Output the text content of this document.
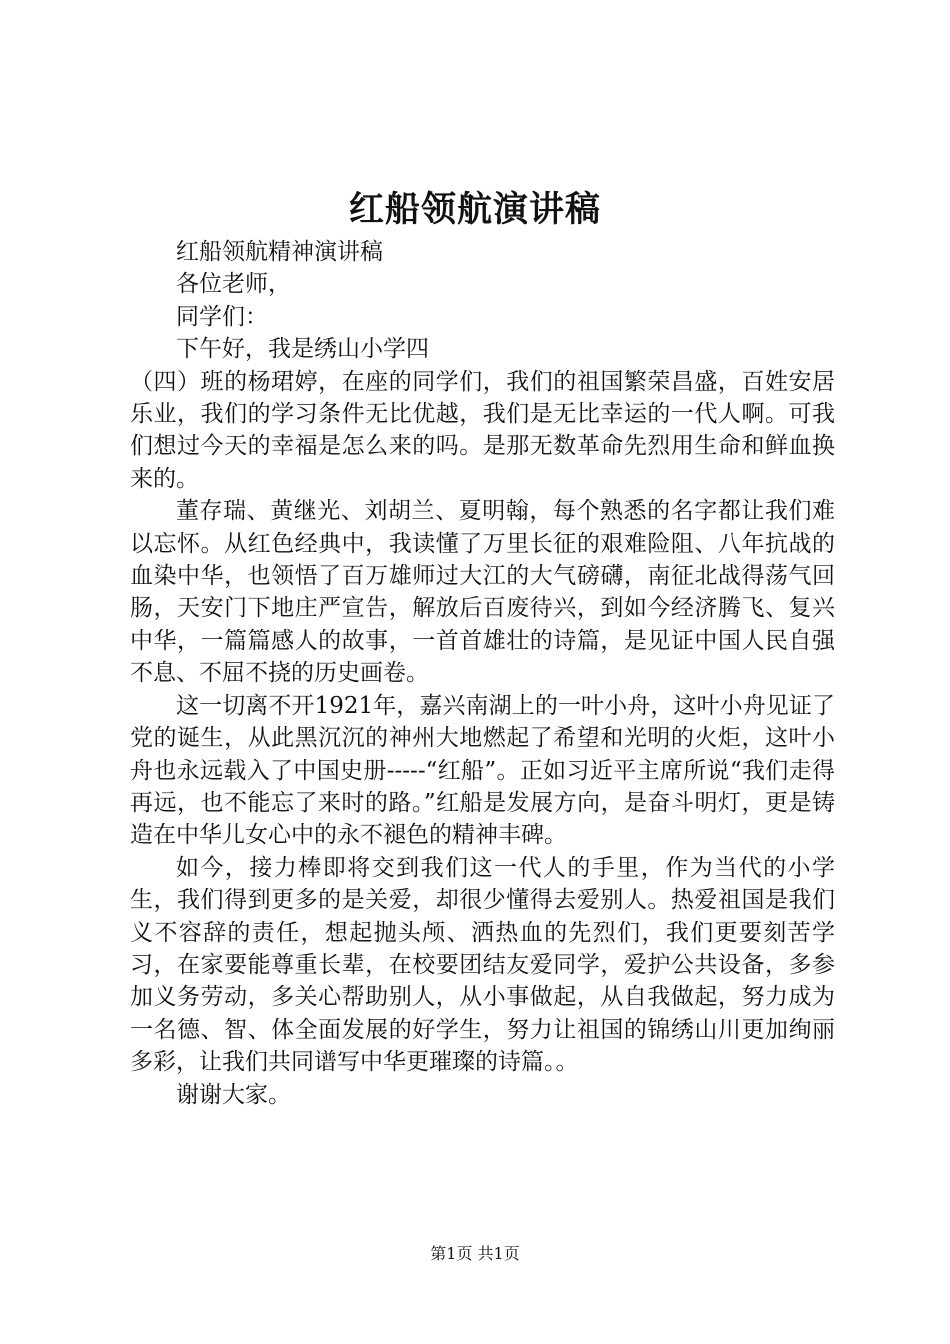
红船领航演讲稿

红船领航精神演讲稿

各位老师，

同学们：

下午好，我是绣山小学四

（四）班的杨珺婷，在座的同学们，我们的祖国繁荣昌盛，百姓安居乐业，我们的学习条件无比优越，我们是无比幸运的一代人啊。可我们想过今天的幸福是怎么来的吗。是那无数革命先烈用生命和鲜血换来的。

董存瑞、黄继光、刘胡兰、夏明翰，每个熟悉的名字都让我们难以忘怀。从红色经典中，我读懂了万里长征的艰难险阻、八年抗战的血染中华，也领悟了百万雄师过大江的大气磅礴，南征北战得荡气回肠，天安门下地庄严宣告，解放后百废待兴，到如今经济腾飞、复兴中华，一篇篇感人的故事，一首首雄壮的诗篇，是见证中国人民自强不息、不屈不挠的历史画卷。

这一切离不开1921年，嘉兴南湖上的一叶小舟，这叶小舟见证了党的诞生，从此黑沉沉的神州大地燃起了希望和光明的火炬，这叶小舟也永远载入了中国史册-----“红船”。正如习近平主席所说“我们走得再远，也不能忘了来时的路。”红船是发展方向，是奋斗明灯，更是铸造在中华儿女心中的永不褪色的精神丰碑。

如今，接力棒即将交到我们这一代人的手里，作为当代的小学生，我们得到更多的是关爱，却很少懂得去爱别人。热爱祖国是我们义不容辞的责任，想起抛头颅、洒热血的先烈们，我们更要刻苦学习，在家要能尊重长辈，在校要团结友爱同学，爱护公共设备，多参加义务劳动，多关心帮助别人，从小事做起，从自我做起，努力成为一名德、智、体全面发展的好学生，努力让祖国的锦绣山川更加绚丽多彩，让我们共同谱写中华更璀璨的诗篇。。

谢谢大家。

第1页 共1页
